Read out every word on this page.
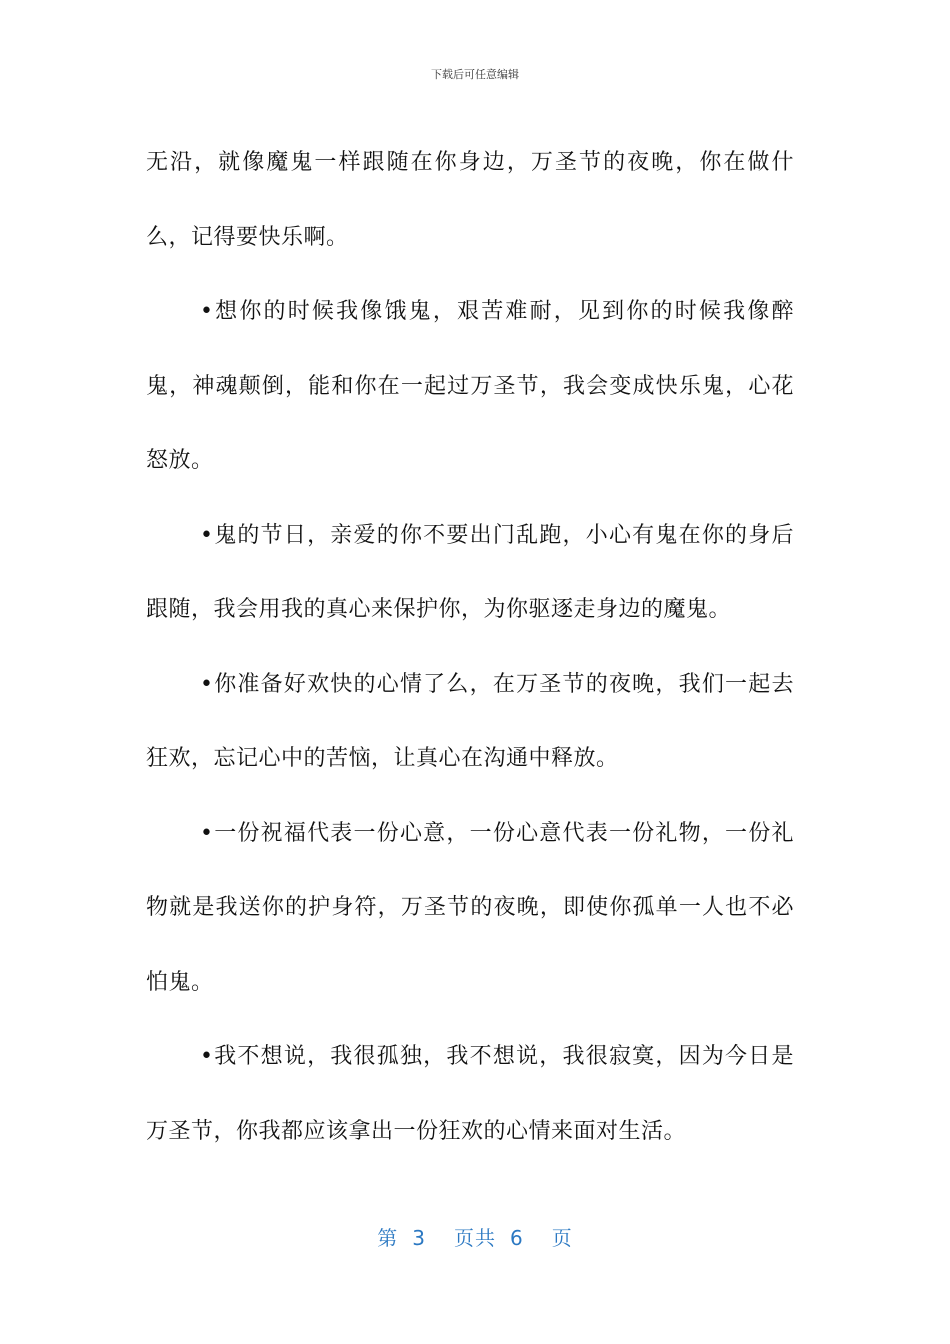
下载后可任意编辑

无沿，就像魔鬼一样跟随在你身边，万圣节的夜晚，你在做什么，记得要快乐啊。

•想你的时候我像饿鬼，艰苦难耐，见到你的时候我像醉鬼，神魂颠倒，能和你在一起过万圣节，我会变成快乐鬼，心花怒放。

•鬼的节日，亲爱的你不要出门乱跑，小心有鬼在你的身后跟随，我会用我的真心来保护你，为你驱逐走身边的魔鬼。

•你准备好欢快的心情了么，在万圣节的夜晚，我们一起去狂欢，忘记心中的苦恼，让真心在沟通中释放。

•一份祝福代表一份心意，一份心意代表一份礼物，一份礼物就是我送你的护身符，万圣节的夜晚，即使你孤单一人也不必怕鬼。

•我不想说，我很孤独，我不想说，我很寂寞，因为今日是万圣节，你我都应该拿出一份狂欢的心情来面对生活。

第 3 页共 6 页
